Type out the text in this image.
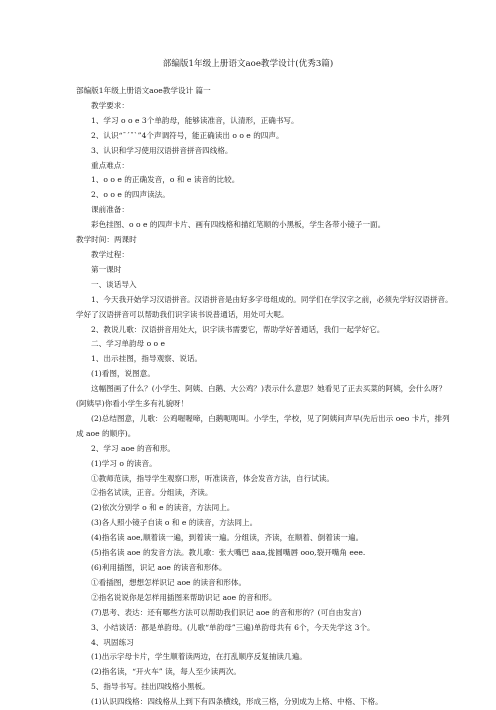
部编版1年级上册语文aoe教学设计(优秀3篇)

部编版1年级上册语文aoe教学设计 篇一

教学要求：

1、学习 o o e 3个单韵母，能够读准音，认清形，正确书写。

2、认识“¯ˊˇˋ”4个声调符号，能正确读出 o o e 的四声。

3、认识和学习使用汉语拼音拼音四线格。

重点难点：

1、o o e 的正确发音，o 和 e 读音的比较。

2、o o e 的四声读法。

课前准备：

彩色挂图、o o e 的四声卡片、画有四线格和描红笔顺的小黑板，学生各带小镜子一面。

教学时间：两课时

教学过程：

第一课时

一、谈话导入

1、今天我开始学习汉语拼音。汉语拼音是由好多字母组成的。同学们在学汉字之前，必须先学好汉语拼音。学好了汉语拼音可以帮助我们识字读书说普通话，用处可大呢。

2、教说儿歌：汉语拼音用处大，识字读书需要它，帮助学好普通话，我们一起学好它。

二、学习单韵母 o o e

1、出示挂图，指导观察、说话。

(1)看图，说图意。

这幅图画了什么？(小学生、阿姨、白鹅、大公鸡？)表示什么意思？她看见了正去买菜的阿姨，会什么呀？(阿姨早)你看小学生多有礼貌呀！

(2)总结图意，儿歌：公鸡喔喔啼，白鹅呃呃叫。小学生，学校，见了阿姨问声早(先后出示 oeo 卡片，排列成 aoe 的顺序)。

2、学习 aoe 的音和形。

(1)学习 o 的读音。

①教师范读，指导学生观察口形，听准读音，体会发音方法，自行试读。

②指名试读，正音。分组读，齐读。

(2)依次分别学 o 和 e 的读音，方法同上。

(3)各人照小镜子自读 o 和 e 的读音，方法同上。

(4)指名读 aoe,顺着读一遍，到着读一遍。分组读，齐读，在顺着、倒着读一遍。

(5)指名读 aoe 的发音方法。教儿歌：张大嘴巴 aaa,拢圆嘴唇 ooo,裂开嘴角 eee.

(6)利用插图，识记 aoe 的读音和形体。

①看插图，想想怎样识记 aoe 的读音和形体。

②指名说说你是怎样用插图来帮助识记 aoe 的音和形。

(7)思考、表达：还有哪些方法可以帮助我们识记 aoe 的音和形的？(可自由发言)

3、小结谈话：都是单韵母。(儿歌“单韵母”三遍)单韵母共有 6个，今天先学这 3个。

4、巩固练习

(1)出示字母卡片，学生顺着读两边，在打乱顺序反复抽读几遍。

(2)指名读，“开火车” 读，每人至少读两次。

5、指导书写。挂出四线格小黑板。

(1)认识四线格：四线格从上到下有四条横线，形成三格，分别成为上格、中格、下格。
